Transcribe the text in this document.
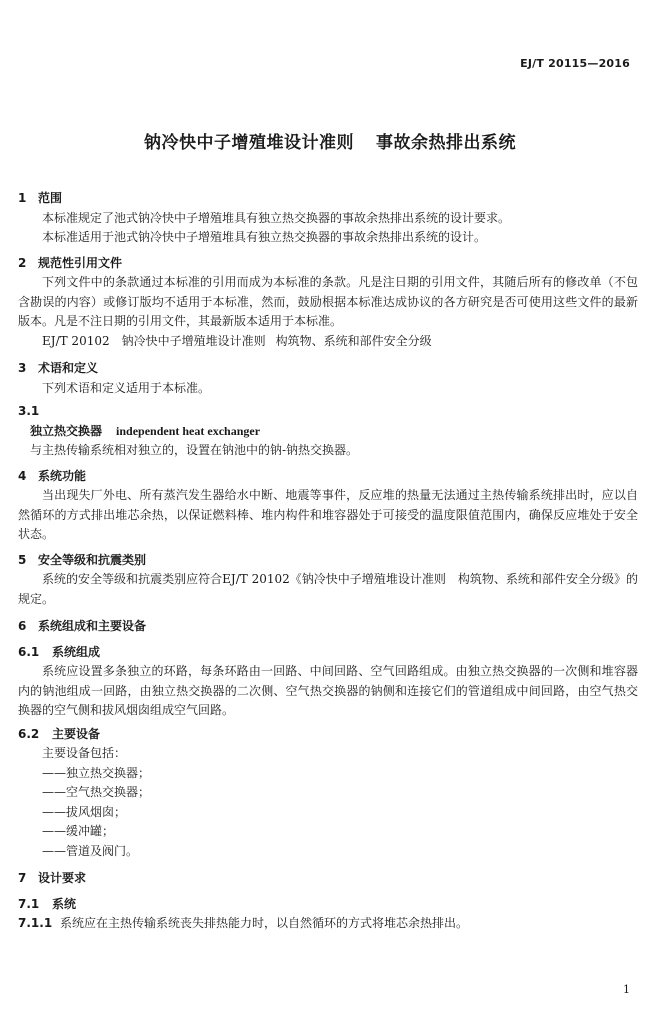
EJ/T 20115—2016
钠冷快中子增殖堆设计准则 事故余热排出系统
1 范围
本标准规定了池式钠冷快中子增殖堆具有独立热交换器的事故余热排出系统的设计要求。
本标准适用于池式钠冷快中子增殖堆具有独立热交换器的事故余热排出系统的设计。
2 规范性引用文件
下列文件中的条款通过本标准的引用而成为本标准的条款。凡是注日期的引用文件，其随后所有的修改单（不包含勘误的内容）或修订版均不适用于本标准，然而，鼓励根据本标准达成协议的各方研究是否可使用这些文件的最新版本。凡是不注日期的引用文件，其最新版本适用于本标准。
EJ/T 20102 钠冷快中子增殖堆设计准则 构筑物、系统和部件安全分级
3 术语和定义
下列术语和定义适用于本标准。
3.1
独立热交换器 independent heat exchanger
与主热传输系统相对独立的，设置在钠池中的钠-钠热交换器。
4 系统功能
当出现失厂外电、所有蒸汽发生器给水中断、地震等事件，反应堆的热量无法通过主热传输系统排出时，应以自然循环的方式排出堆芯余热，以保证燃料棒、堆内构件和堆容器处于可接受的温度限值范围内，确保反应堆处于安全状态。
5 安全等级和抗震类别
系统的安全等级和抗震类别应符合EJ/T 20102《钠冷快中子增殖堆设计准则　构筑物、系统和部件安全分级》的规定。
6 系统组成和主要设备
6.1 系统组成
系统应设置多条独立的环路，每条环路由一回路、中间回路、空气回路组成。由独立热交换器的一次侧和堆容器内的钠池组成一回路，由独立热交换器的二次侧、空气热交换器的钠侧和连接它们的管道组成中间回路，由空气热交换器的空气侧和拔风烟囱组成空气回路。
6.2 主要设备
主要设备包括：
——独立热交换器；
——空气热交换器；
——拔风烟囱；
——缓冲罐；
——管道及阀门。
7 设计要求
7.1 系统
7.1.1 系统应在主热传输系统丧失排热能力时，以自然循环的方式将堆芯余热排出。
1
